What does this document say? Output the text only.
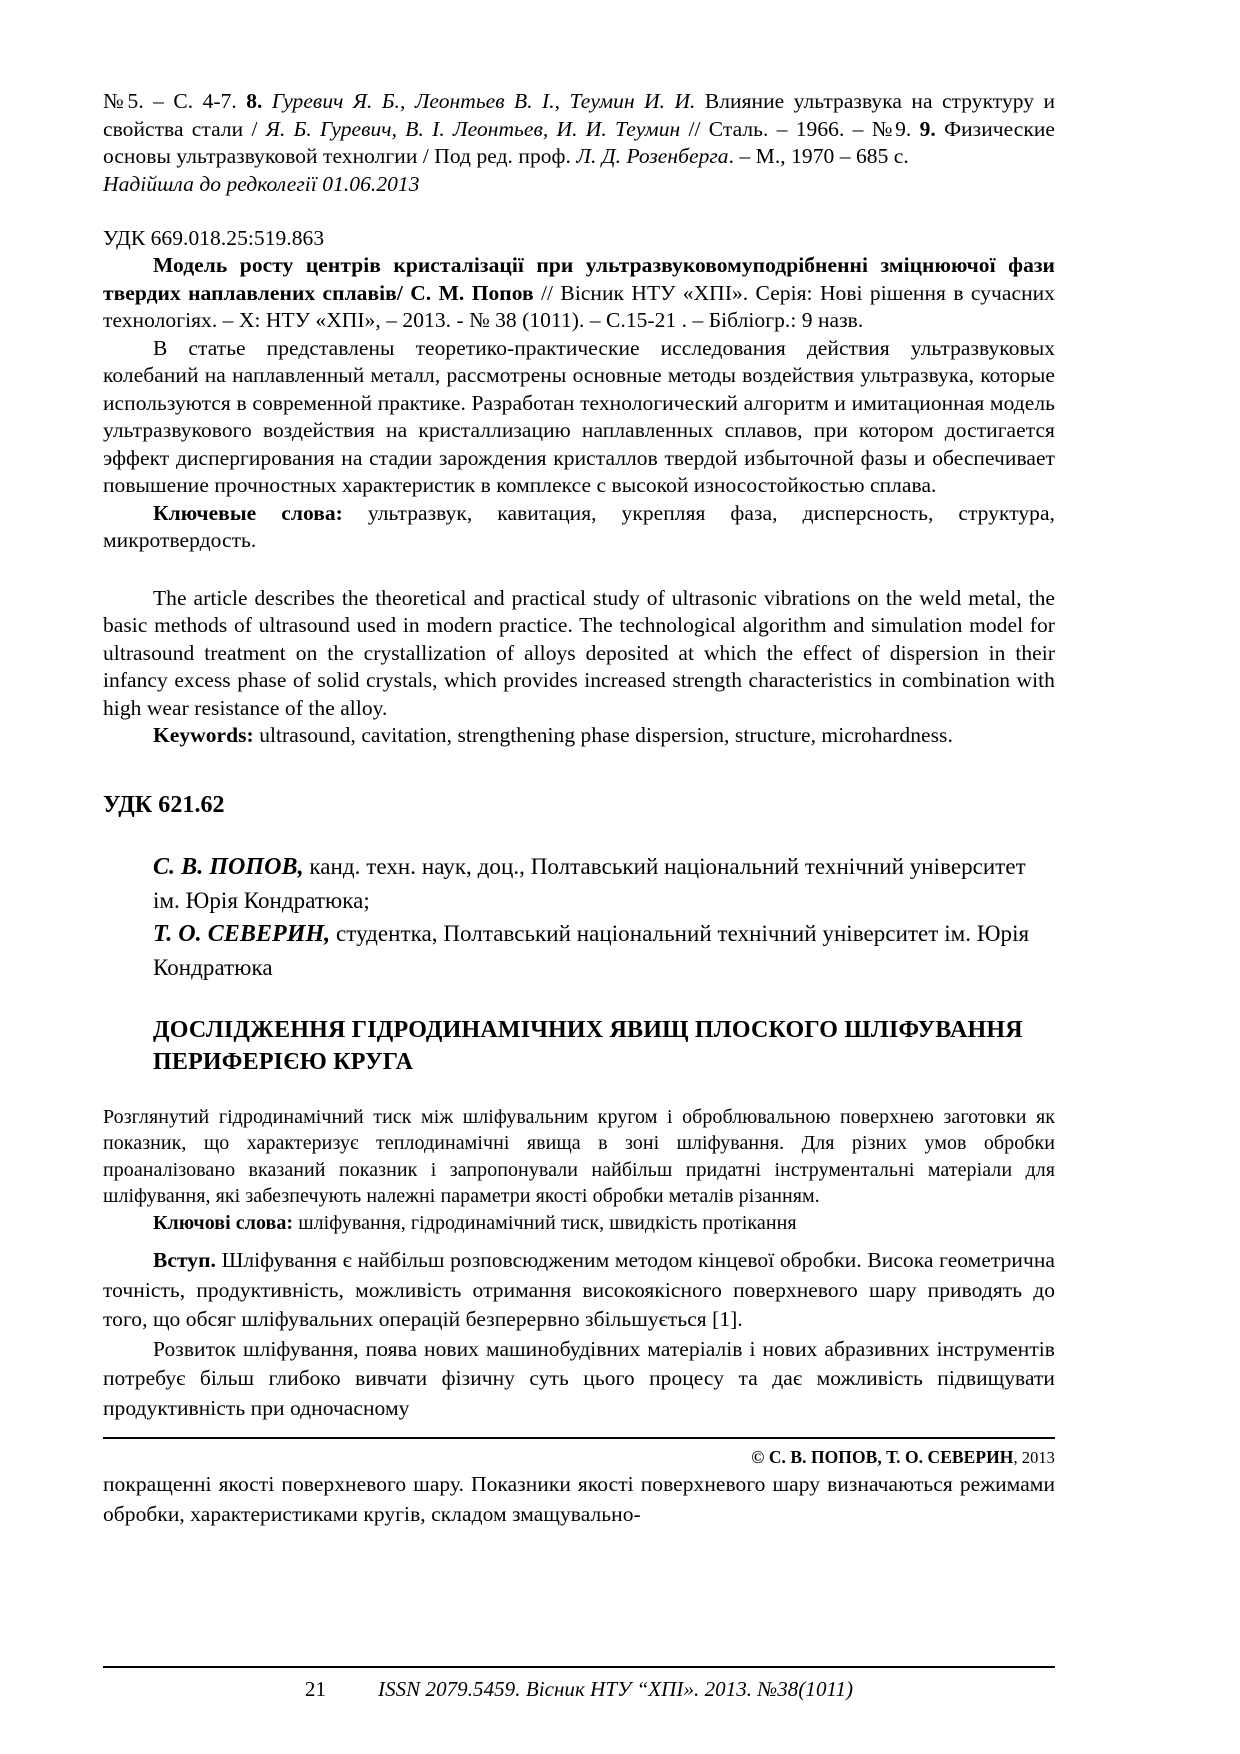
№5. – С. 4-7. 8. Гуревич Я. Б., Леонтьев В. І., Теумин И. И. Влияние ультразвука на структуру и свойства стали / Я. Б. Гуревич, В. І. Леонтьев, И. И. Теумин // Сталь. – 1966. – №9. 9. Физические основы ультразвуковой технолгии / Под ред. проф. Л. Д. Розенберга. – М., 1970 – 685 с.

Надійшла до редколегії 01.06.2013

УДК 669.018.25:519.863

Модель росту центрів кристалізації при ультразвуковомуподрібненні зміцнюючої фази твердих наплавлених сплавів/ С. М. Попов // Вісник НТУ «ХПІ». Серія: Нові рішення в сучасних технологіях. – Х: НТУ «ХПІ», – 2013. - № 38 (1011). – С.15-21 . – Бібліогр.: 9 назв.

В статье представлены теоретико-практические исследования действия ультразвуковых колебаний на наплавленный металл, рассмотрены основные методы воздействия ультразвука, которые используются в современной практике. Разработан технологический алгоритм и имитационная модель ультразвукового воздействия на кристаллизацию наплавленных сплавов, при котором достигается эффект диспергирования на стадии зарождения кристаллов твердой избыточной фазы и обеспечивает повышение прочностных характеристик в комплексе с высокой износостойкостью сплава.

Ключевые слова: ультразвук, кавитация, укрепляя фаза, дисперсность, структура, микротвердость.

The article describes the theoretical and practical study of ultrasonic vibrations on the weld metal, the basic methods of ultrasound used in modern practice. The technological algorithm and simulation model for ultrasound treatment on the crystallization of alloys deposited at which the effect of dispersion in their infancy excess phase of solid crystals, which provides increased strength characteristics in combination with high wear resistance of the alloy.

Keywords: ultrasound, cavitation, strengthening phase dispersion, structure, microhardness.

УДК 621.62

С. В. ПОПОВ, канд. техн. наук, доц., Полтавський національний технічний університет ім. Юрія Кондратюка;

Т. О. СЕВЕРИН, студентка, Полтавський національний технічний університет ім. Юрія Кондратюка

ДОСЛІДЖЕННЯ ГІДРОДИНАМІЧНИХ ЯВИЩ ПЛОСКОГО ШЛІФУВАННЯ ПЕРИФЕРІЄЮ КРУГА

Розглянутий гідродинамічний тиск між шліфувальним кругом і оброблювальною поверхнею заготовки як показник, що характеризує теплодинамічні явища в зоні шліфування. Для різних умов обробки проаналізовано вказаний показник і запропонували найбільш придатні інструментальні матеріали для шліфування, які забезпечують належні параметри якості обробки металів різанням.

Ключові слова: шліфування, гідродинамічний тиск, швидкість протікання

Вступ. Шліфування є найбільш розповсюдженим методом кінцевої обробки. Висока геометрична точність, продуктивність, можливість отримання високоякісного поверхневого шару приводять до того, що обсяг шліфувальних операцій безперервно збільшується [1].

Розвиток шліфування, поява нових машинобудівних матеріалів і нових абразивних інструментів потребує більш глибоко вивчати фізичну суть цього процесу та дає можливість підвищувати продуктивність при одночасному

© С. В. ПОПОВ, Т. О. СЕВЕРИН, 2013

покращенні якості поверхневого шару. Показники якості поверхневого шару визначаються режимами обробки, характеристиками кругів, складом змащувально-

21 ISSN 2079.5459. Вісник НТУ “ХПІ». 2013. №38(1011)
